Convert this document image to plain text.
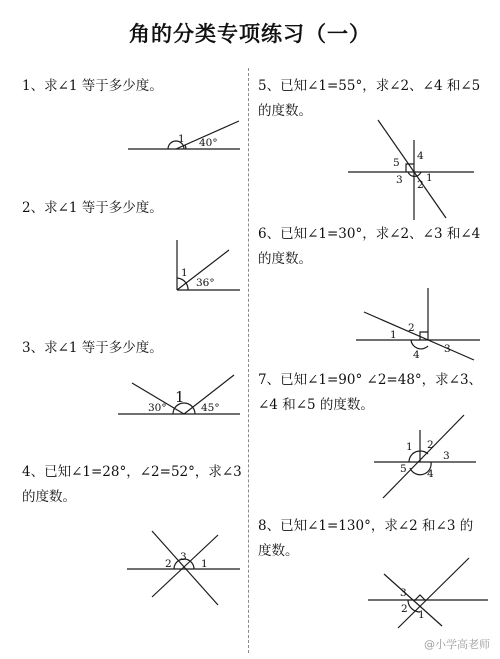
角的分类专项练习（一）
1、求∠1 等于多少度。
1 40°
2、求∠1 等于多少度。
1
36°
3、求∠1 等于多少度。
1
30°	45°
4、已知∠1=28°，∠2=52°，求∠3 的度数。
3
2	1
5、已知∠1=55°，求∠2、∠4 和∠5 的度数。
5
4
3 2
1
6、已知∠1=30°，求∠2、∠3 和∠4 的度数。
1
2
3
4
7、已知∠1=90° ∠2=48°，求∠3、∠4 和∠5 的度数。
1 2
3
4
5
8、已知∠1=130°，求∠2 和∠3 的度数。
3
2 1
@小学高老师
